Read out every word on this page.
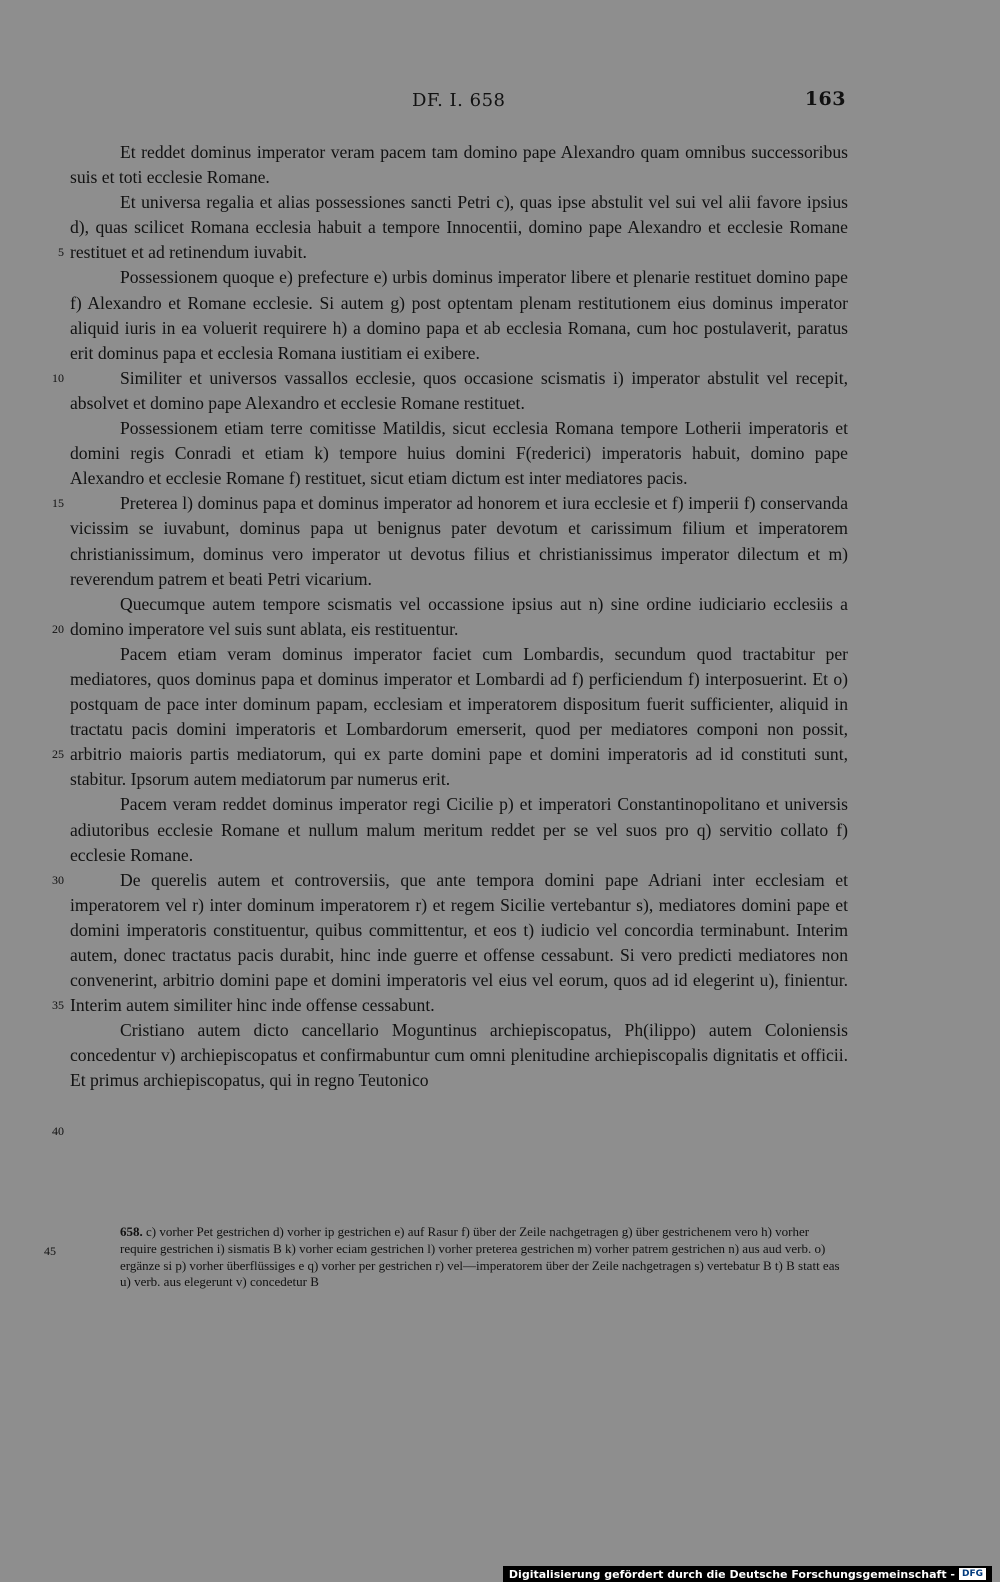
DF. I. 658	163
5
10
15
20
25
30
35
40

Et reddet dominus imperator veram pacem tam domino pape Alexandro quam omnibus successoribus suis et toti ecclesie Romane.

Et universa regalia et alias possessiones sancti Petri c), quas ipse abstulit vel sui vel alii favore ipsius d), quas scilicet Romana ecclesia habuit a tempore Innocentii, domino pape Alexandro et ecclesie Romane restituet et ad retinendum iuvabit.

Possessionem quoque e) prefecture e) urbis dominus imperator libere et plenarie restituet domino pape f) Alexandro et Romane ecclesie. Si autem g) post optentam plenam restitutionem eius dominus imperator aliquid iuris in ea voluerit requirere h) a domino papa et ab ecclesia Romana, cum hoc postulaverit, paratus erit dominus papa et ecclesia Romana iustitiam ei exibere.

Similiter et universos vassallos ecclesie, quos occasione scismatis i) imperator abstulit vel recepit, absolvet et domino pape Alexandro et ecclesie Romane restituet.

Possessionem etiam terre comitisse Matildis, sicut ecclesia Romana tempore Lotherii imperatoris et domini regis Conradi et etiam k) tempore huius domini F(rederici) imperatoris habuit, domino pape Alexandro et ecclesie Romane f) restituet, sicut etiam dictum est inter mediatores pacis.

Preterea l) dominus papa et dominus imperator ad honorem et iura ecclesie et f) imperii f) conservanda vicissim se iuvabunt, dominus papa ut benignus pater devotum et carissimum filium et imperatorem christianissimum, dominus vero imperator ut devotus filius et christianissimus imperator dilectum et m) reverendum patrem et beati Petri vicarium.

Quecumque autem tempore scismatis vel occassione ipsius aut n) sine ordine iudiciario ecclesiis a domino imperatore vel suis sunt ablata, eis restituentur.

Pacem etiam veram dominus imperator faciet cum Lombardis, secundum quod tractabitur per mediatores, quos dominus papa et dominus imperator et Lombardi ad f) perficiendum f) interposuerint. Et o) postquam de pace inter dominum papam, ecclesiam et imperatorem dispositum fuerit sufficienter, aliquid in tractatu pacis domini imperatoris et Lombardorum emerserit, quod per mediatores componi non possit, arbitrio maioris partis mediatorum, qui ex parte domini pape et domini imperatoris ad id constituti sunt, stabitur. Ipsorum autem mediatorum par numerus erit.

Pacem veram reddet dominus imperator regi Cicilie p) et imperatori Constantinopolitano et universis adiutoribus ecclesie Romane et nullum malum meritum reddet per se vel suos pro q) servitio collato f) ecclesie Romane.

De querelis autem et controversiis, que ante tempora domini pape Adriani inter ecclesiam et imperatorem vel r) inter dominum imperatorem r) et regem Sicilie vertebantur s), mediatores domini pape et domini imperatoris constituentur, quibus committentur, et eos t) iudicio vel concordia terminabunt. Interim autem, donec tractatus pacis durabit, hinc inde guerre et offense cessabunt. Si vero predicti mediatores non convenerint, arbitrio domini pape et domini imperatoris vel eius vel eorum, quos ad id elegerint u), finientur. Interim autem similiter hinc inde offense cessabunt.

Cristiano autem dicto cancellario Moguntinus archiepiscopatus, Ph(ilippo) autem Coloniensis concedentur v) archiepiscopatus et confirmabuntur cum omni plenitudine archiepiscopalis dignitatis et officii. Et primus archiepiscopatus, qui in regno Teutonico

45
658. c) vorher Pet gestrichen d) vorher ip gestrichen e) auf Rasur f) über der Zeile nachgetragen g) über gestrichenem vero h) vorher require gestrichen i) sismatis B k) vorher eciam gestrichen l) vorher preterea gestrichen m) vorher patrem gestrichen n) aus aud verb. o) ergänze si p) vorher überflüssiges e q) vorher per gestrichen r) vel—imperatorem über der Zeile nachgetragen s) vertebatur B t) B statt eas u) verb. aus elegerunt v) concedetur B
Digitalisierung gefördert durch die Deutsche Forschungsgemeinschaft - DFG
